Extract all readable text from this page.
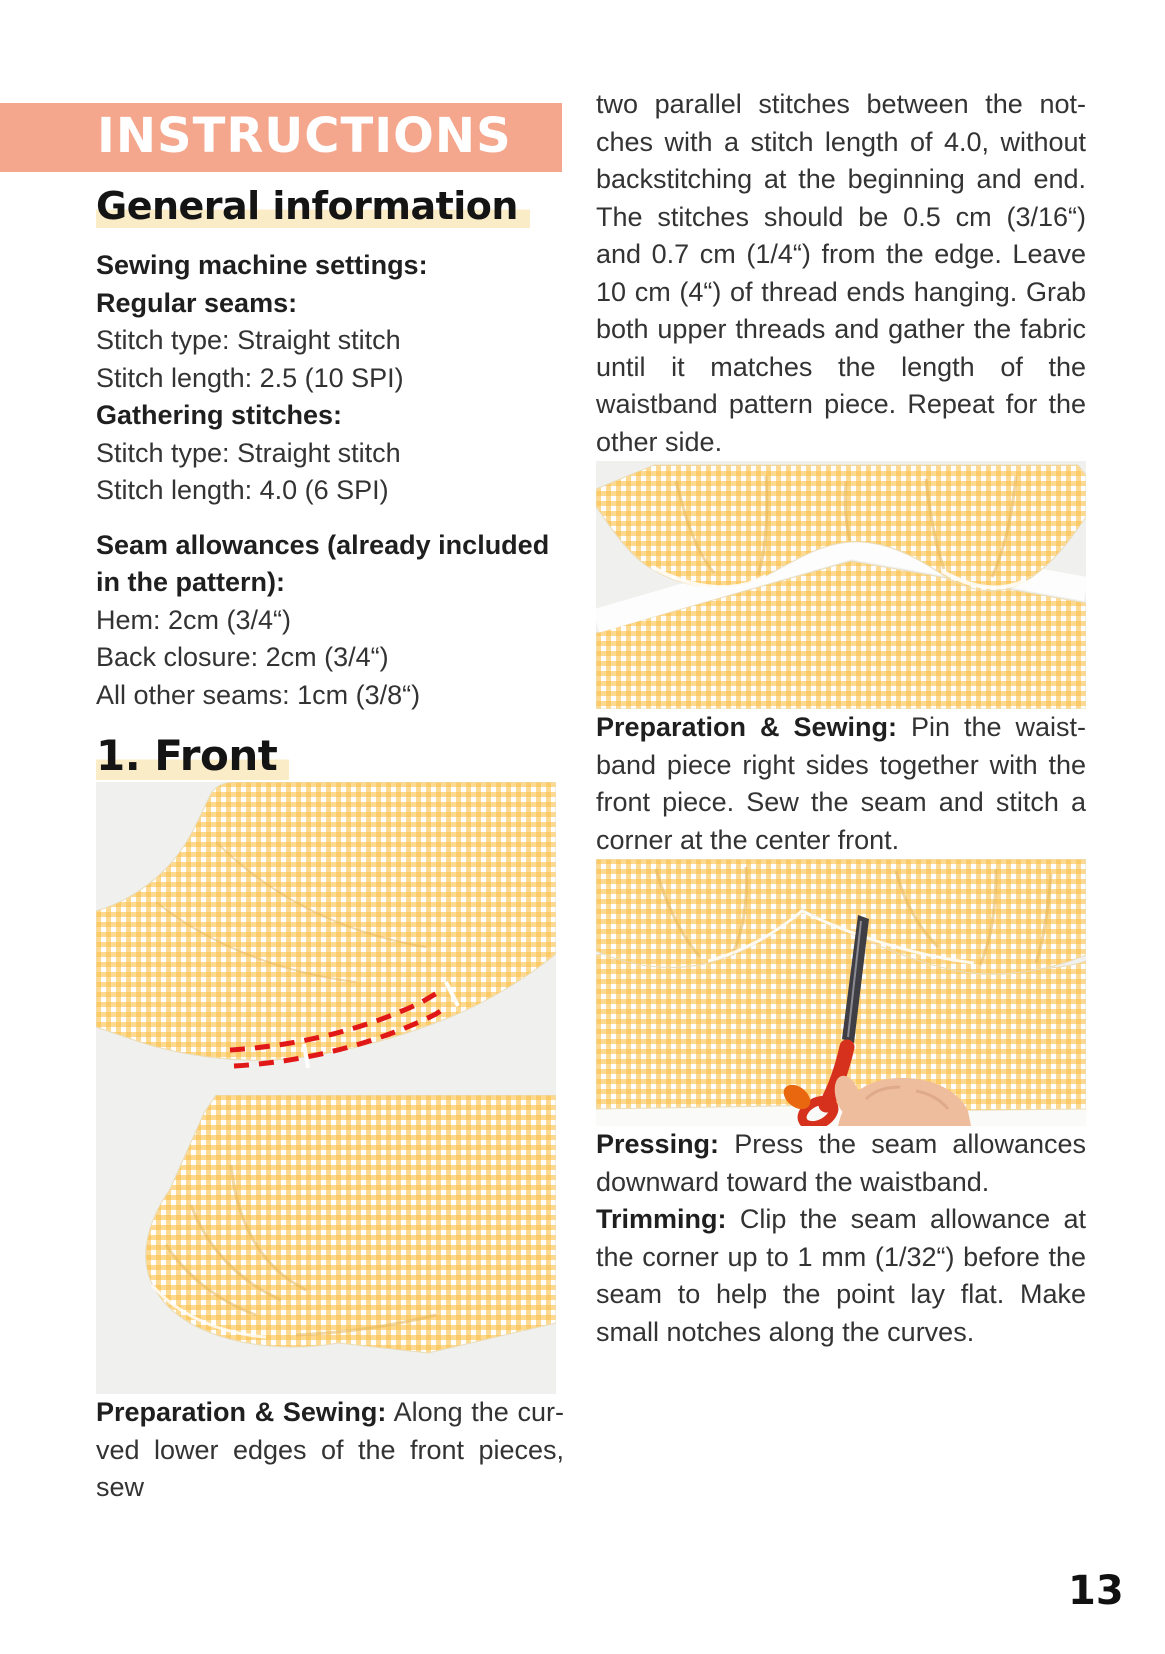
INSTRUCTIONS
General information

Sewing machine settings:

Regular seams:

Stitch type: Straight stitch

Stitch length: 2.5 (10 SPI)

Gathering stitches:

Stitch type: Straight stitch

Stitch length: 4.0 (6 SPI)

Seam allowances (already included in the pattern):

Hem: 2cm (3/4“)

Back closure: 2cm (3/4“)

All other seams: 1cm (3/8“)

1. Front

Preparation & Sewing: Along the curved lower edges of the front pieces, sew

two parallel stitches between the notches with a stitch length of 4.0, without backstitching at the beginning and end. The stitches should be 0.5 cm (3/16“) and 0.7 cm (1/4“) from the edge. Leave 10 cm (4“) of thread ends hanging. Grab both upper threads and gather the fabric until it matches the length of the waistband pattern piece. Repeat for the other side.

Preparation & Sewing: Pin the waistband piece right sides together with the front piece. Sew the seam and stitch a corner at the center front.

Pressing: Press the seam allowances downward toward the waistband.

Trimming: Clip the seam allowance at the corner up to 1 mm (1/32“) before the seam to help the point lay flat. Make small notches along the curves.

13
